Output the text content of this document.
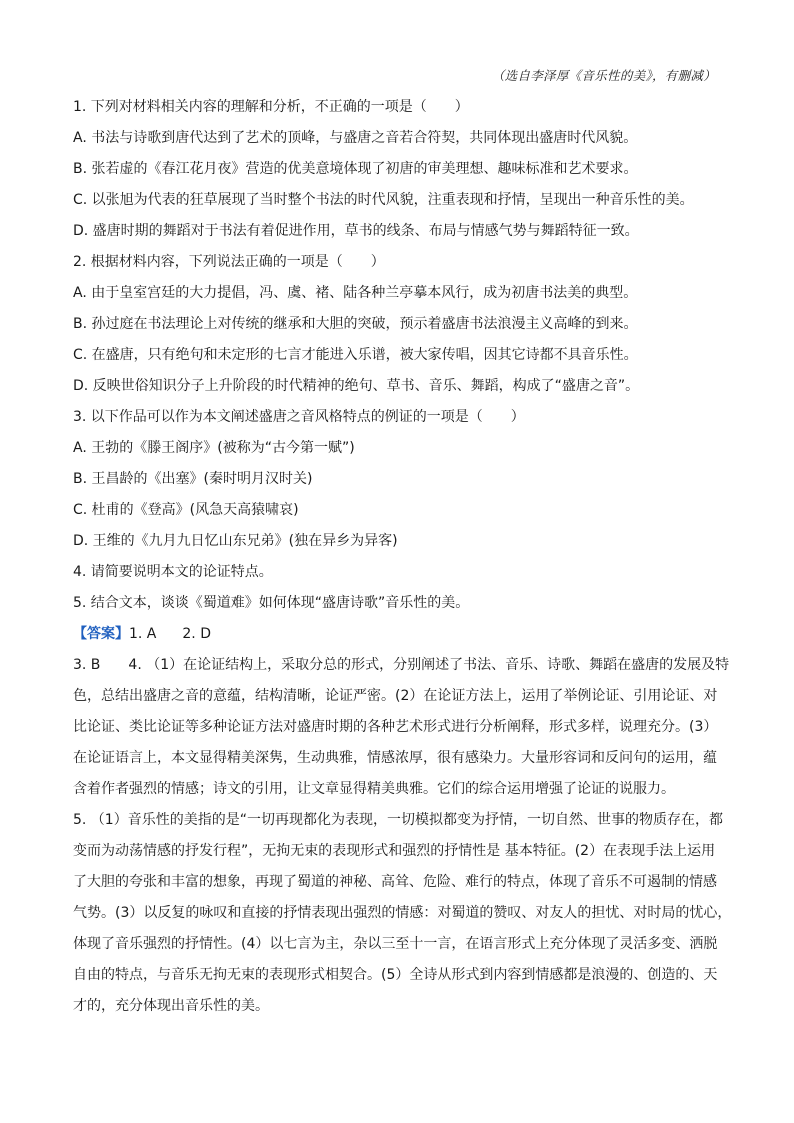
（选自李泽厚《音乐性的美》，有删减）
1. 下列对材料相关内容的理解和分析，不正确的一项是（　　）
A. 书法与诗歌到唐代达到了艺术的顶峰，与盛唐之音若合符契，共同体现出盛唐时代风貌。
B. 张若虚的《春江花月夜》营造的优美意境体现了初唐的审美理想、趣味标准和艺术要求。
C. 以张旭为代表的狂草展现了当时整个书法的时代风貌，注重表现和抒情，呈现出一种音乐性的美。
D. 盛唐时期的舞蹈对于书法有着促进作用，草书的线条、布局与情感气势与舞蹈特征一致。
2. 根据材料内容，下列说法正确的一项是（　　）
A. 由于皇室宫廷的大力提倡，冯、虞、褚、陆各种兰亭摹本风行，成为初唐书法美的典型。
B. 孙过庭在书法理论上对传统的继承和大胆的突破，预示着盛唐书法浪漫主义高峰的到来。
C. 在盛唐，只有绝句和未定形的七言才能进入乐谱，被大家传唱，因其它诗都不具音乐性。
D. 反映世俗知识分子上升阶段的时代精神的绝句、草书、音乐、舞蹈，构成了“盛唐之音”。
3. 以下作品可以作为本文阐述盛唐之音风格特点的例证的一项是（　　）
A. 王勃的《滕王阁序》(被称为“古今第一赋”)
B. 王昌龄的《出塞》(秦时明月汉时关)
C. 杜甫的《登高》(风急天高猿啸哀)
D. 王维的《九月九日忆山东兄弟》(独在异乡为异客)
4. 请简要说明本文的论证特点。
5. 结合文本，谈谈《蜀道难》如何体现“盛唐诗歌”音乐性的美。
【答案】1. A 2. D
3. B　　4. （1）在论证结构上，采取分总的形式，分别阐述了书法、音乐、诗歌、舞蹈在盛唐的发展及特
色，总结出盛唐之音的意蕴，结构清晰，论证严密。(2）在论证方法上，运用了举例论证、引用论证、对
比论证、类比论证等多种论证方法对盛唐时期的各种艺术形式进行分析阐释，形式多样，说理充分。(3）
在论证语言上，本文显得精美深隽，生动典雅，情感浓厚，很有感染力。大量形容词和反问句的运用，蕴
含着作者强烈的情感；诗文的引用，让文章显得精美典雅。它们的综合运用增强了论证的说服力。
5. （1）音乐性的美指的是“一切再现都化为表现，一切模拟都变为抒情，一切自然、世事的物质存在，都
变而为动荡情感的抒发行程”，无拘无束的表现形式和强烈的抒情性是 基本特征。(2）在表现手法上运用
了大胆的夸张和丰富的想象，再现了蜀道的神秘、高耸、危险、难行的特点，体现了音乐不可遏制的情感
气势。(3）以反复的咏叹和直接的抒情表现出强烈的情感：对蜀道的赞叹、对友人的担忧、对时局的忧心，
体现了音乐强烈的抒情性。(4）以七言为主，杂以三至十一言，在语言形式上充分体现了灵活多变、洒脱
自由的特点，与音乐无拘无束的表现形式相契合。(5）全诗从形式到内容到情感都是浪漫的、创造的、天
才的，充分体现出音乐性的美。
